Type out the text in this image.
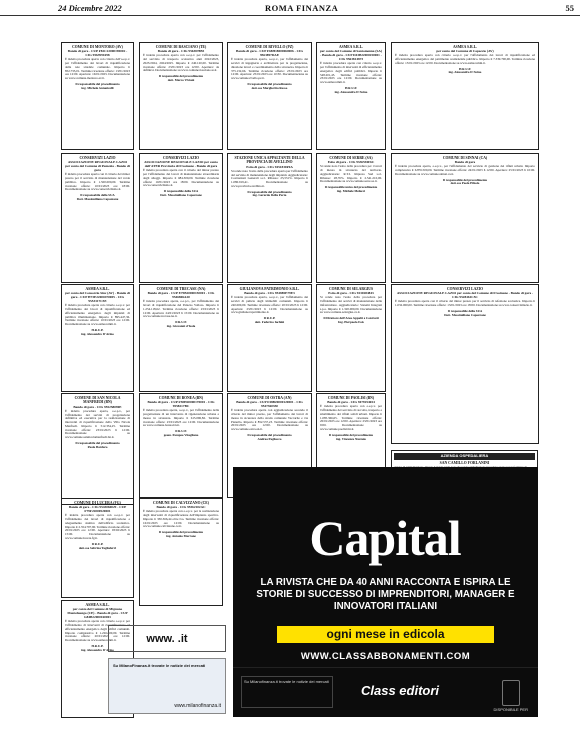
24 Dicembre 2022	ROMA FINANZA	55
COMUNE DI MONTORO (AV)
Bando di gara - CUP F82C22000190002 - CIG 9563991698
È indetta procedura aperta con criterio dell'o.e.p.v. per l'affidamento dei lavori di riqualificazione della rete stradale comunale. Importo € 852.733,01. Termine ricezione offerte: 13/01/2023 ore 12:00. Apertura: 16/01/2023. Documentazione su www.comune.montoro.av.it.
Il responsabile del procedimento
ing. Michele Antonicelli
COMUNE DI BASCIANO (TE)
Bando di gara - CIG 9563878B5
È indetta procedura aperta con o.e.p.v. per l'affidamento del servizio di trasporto scolastico anni 2022/2023, 2023/2024, 2024/2025. Importo € 240.120,00. Termine ricezione offerte: 23/01/2023 ore 12:00. Apertura: da definirsi. Documentazione su www.comune.basciano.te.it.
Il responsabile del procedimento
dott. Marco Viviani
COMUNE DI RIVELLO (PZ)
Bando di gara - CUP F68H18000060006 - CIG 9563897DAE
È indetta procedura aperta, o.e.p.v., per l'affidamento dei servizi di ingegneria e architettura per la progettazione, direzione lavori e coordinamento della sicurezza. Importo € 375.132,66. Termine ricezione offerte: 23/01/2023 ore 12:00. Apertura: 25/01/2023 ore 10:30. Documentazione su www.comune.rivello.pz.it.
Il responsabile del procedimento
dott.ssa Margherita Rosso
ASMEA S.R.L.
per conto del Comune di Santomenna (SA) - Bando di gara - CUP D43B22000250001 - CIG 9563814873
È indetta procedura aperta con criterio o.e.p.v. per l'affidamento di interventi di efficientamento energetico degli edifici pubblici. Importo € 548.201,45. Termine ricezione offerte: 23/01/2023 ore 12:00. Documentazione su www.asmecomm.it.
H.R.U.P.
ing. Alessandro D'Avino
ASMEA S.R.L.
per conto del Comune di Capaccio (AV)
È indetta procedura aperta con criterio o.e.p.v. per l'affidamento dei lavori di riqualificazione ed efficientamento energetico del patrimonio residenziale pubblico. Importo € 7.339.700,00. Termine ricezione offerte: 13/01/2023 ore 12:00. Documentazione su www.asmecomm.it.
H.R.U.P.
ing. Alessandro D'Avino
CONSERVIZI LAZIO
ASSOCIAZIONE REGIONALE LAZIO per conto del Comune di Pomezia - Bando di gara
È indetta procedura aperta con il criterio del minor prezzo per il servizio di manutenzione del verde pubblico. Importo € 1.500.000,00. Termine ricezione offerte: 10/01/2023 ore 18:00. Documentazione su www.conservizilazio.it.
Il responsabile della SUA
Dott. Massimiliano Capozzone
CONSERVIZI LAZIO
ASSOCIAZIONE REGIONALE LAZIO per conto dell'ATER Provincia di Frosinone - Bando di gara
È indetta procedura aperta con il criterio del minor prezzo per l'affidamento dei lavori di manutenzione straordinaria degli alloggi. Importo € 684.300,00. Termine ricezione offerte: 10/01/2023 ore 18:00. Documentazione su www.conservizilazio.it.
Il responsabile della SUA
Dott. Massimiliano Capozzone
STAZIONE UNICA APPALTANTE DELLA PROVINCIA DI AVELLINO
Esito di gara - CIG 9451830F0A
Si rende noto l'esito della procedura aperta per l'affidamento del servizio di manutenzione degli impianti. Aggiudicatario: Costruzioni Generali s.r.l. Ribasso: 25,531%. Importo € 1.080.919,41. Documentazione su www.provincia.avellino.it.
Il responsabile del procedimento
ing. Gerardo Della Porta
COMUNE DI SERRE (SA)
Esito di gara - CIG 9336594F6C
Si rende noto l'esito della procedura per i lavori di messa in sicurezza del territorio. Aggiudicatario: R.T.I. Impresa Sud s.r.l. Ribasso: 28,76%. Importo € 2.541.210,00. Documentazione su www.comune.serre.sa.it.
Il responsabile unico del procedimento
ing. Michele Melucci
COMUNE DI SINNAI (CA)
Bando di gara
È indetta procedura aperta, o.e.p.v., per l'affidamento del servizio di gestione dei rifiuti urbani. Importo complessivo € 6.876.500,00. Termine ricezione offerte: 24/01/2023 h 12:00. Apertura: 25/01/2023 h 10:00. Documentazione su www.comune.sinnai.ca.it.
Il responsabile del procedimento
dott.ssa Paola Pilzolo
ASMEA S.R.L.
per conto del Consorzio Sinc (AV) - Bando di gara - CUP H73E22000470005 - CIG 9553317C5E
È indetta procedura aperta con criterio o.e.p.v. per l'affidamento dei lavori di riqualificazione ed efficientamento energetico degli impianti di pubblica illuminazione. Importo € 895.447,36. Termine ricezione offerte: 10/01/2023 ore 12:00. Documentazione su www.asmecomm.it.
H.R.U.P.
ing. Alessandro D'Avino
COMUNE DI TRECASE (NA)
Bando di gara - CUP E75B20000150001 - CIG 9546806A20
È indetta procedura aperta, o.e.p.v., per l'affidamento dei lavori di riqualificazione del Palazzo Vollaro. Importo € 1.254.118,62. Termine ricezione offerte: 23/01/2023 h 12:00. Apertura: 24/01/2023 h 15:00. Documentazione su www.comune.trecase.na.it.
Il R.U.P.
ing. Giovanni d'Isola
GIULIANOVA PATRIMONIO S.R.L.
Bando di gara - CIG 954885E79E3
È indetta procedura aperta, o.e.p.v., per l'affidamento dei servizi di pulizia degli immobili comunali. Importo € 240.000,00. Termine ricezione offerte: 20/01/2023 h 12:00. Apertura: 23/01/2023 h 12:00. Documentazione su www.giulianovapatrimonio.it.
Il R.U.P.
dott. Federico Iachini
COMUNE DI SELARGIUS
Esito di gara - CIG 9230284843
Si rende noto l'esito della procedura per l'affidamento dei servizi di manutenzione delle infrastrutture. Aggiudicatario: Sistemi Integrati s.p.a. Importo € 1.320.000,00. Documentazione su www.comune.selargius.ca.it.
Il Direttore dell'Area Appalti e Contratti
Ing. Pierpaolo Fois
CONSERVIZI LAZIO
ASSOCIAZIONE REGIONALE LAZIO per conto del Comune di Frosinone - Bando di gara - CIG 9528461C5C
È indetta procedura aperta con il criterio del minor prezzo per il servizio di refezione scolastica. Importo € 1.032.000,00. Termine ricezione offerte: 13/01/2023 ore 18:00. Documentazione su www.conservizilazio.it.
Il responsabile della SUA
Dott. Massimiliano Capozzone
COMUNE DI SAN NICOLA MANFREDI (BN)
Bando di gara - CIG 955258090E
È indetta procedura aperta, o.e.p.v., per l'affidamento dei servizi di progettazione definitiva ed esecutiva per la realizzazione di interventi di riqualificazione della Villa Nicola Manfredi. Importo € 512.334,25. Termine ricezione offerte: 23/01/2023 h 12:00. Documentazione su www.comune.sannicolamanfredi.bn.it.
Il responsabile del procedimento
Paolo Bardaro
COMUNE DI BONEA (BN)
Bando di gara - CUP F58H20000170001 - CIG 9558217BC
È indetta procedura aperta, o.e.p.v., per l'affidamento della progettazione di un intervento di rigenerazione urbana e messa in sicurezza. Importo € 615.096,82. Termine ricezione offerte: 23/01/2023 ore 12:00. Documentazione su www.comune.bonea.bn.it.
Il R.U.P.
geom. Pompeo Vitagliano
COMUNE DI OSTRA (AN)
Bando di gara - CUP F48B20000120001 - CIG 9547360350
È indetta procedura aperta con aggiudicazione secondo il criterio del minor prezzo, per l'affidamento dei lavori di messa in sicurezza della strada comunale Vaccarile e via Pianello. Importo € 852.537,23. Termine ricezione offerte: 20/01/2023 ore 12:00. Documentazione su www.comune.ostra.an.it.
Il responsabile del procedimento
Andrea Pagliocco
COMUNE DI PAOLISI (BN)
Bando di gara - CIG 9479254654
È indetta procedura aperta con o.e.p.v. per l'affidamento del servizio di raccolta, trasporto e smaltimento dei rifiuti solidi urbani. Importo € 1.085.366,65. Termine ricezione offerte: 20/01/2023 ore 12:00. Apertura: 23/01/2023 ore 9:00. Documentazione su www.comune.paolisi.bn.it.
Il responsabile del procedimento
ing. Vincenzo Nuzzolo
COMUNE DI LUCERA (FG)
Bando di gara - CIG 9543060029 - CUP F79F22000520001
È indetta procedura aperta con o.e.p.v. per l'affidamento dei lavori di riqualificazione e adeguamento sismico dell'edificio scolastico. Importo € 2.354.797,90. Termine ricezione offerte: 20/01/2023 ore 12:00. Apertura: 03/02/2023 h 15:00. Documentazione su www.comune.lucera.fg.it.
Il R.U.P.
dott.ssa Sabrina Tagliaferri
COMUNE DI CALVIZZANO (CE)
Bando di gara - CIG 95562102AC
È indetta procedura aperta con o.e.p.v. per la realizzazione degli interventi di riqualificazione dell'impianto sportivo. Importo € 330.366,44 oltre iva. Termine ricezione offerte: 16/01/2023 ore 12:00. Documentazione su www.comune.calvizzano.ce.it.
Il responsabile del procedimento
ing. Antonio Morrone
ASMEA S.R.L.
per conto del Comune di Mignano Monteluongo (CE) - Bando di gara - CUP G84B22000160001
È indetta procedura aperta con criterio o.e.p.v. per l'affidamento di interventi di riqualificazione ed efficientamento energetico degli edifici comunali. Importo complessivo € 1.226.800,00. Termine ricezione offerte: 20/01/2023 ore 12:00. Documentazione su www.asmecomm.it.
H.R.U.P.
ing. Alessandro D'Avino
AZIENDA OSPEDALIERA
SAN CAMILLO FORLANINI
www. .it
Su MilanoFinanza.it trovate le notizie dei mercati
www.milanofinanza.it
Capital
LA RIVISTA CHE DA 40 ANNI RACCONTA E ISPIRA LE STORIE DI SUCCESSO DI IMPRENDITORI, MANAGER E INNOVATORI ITALIANI
ogni mese in edicola
WWW.CLASSABBONAMENTI.COM
Su Milanofinanza.it trovate le notizie dei mercati
Class editori
DISPONIBILE PER
